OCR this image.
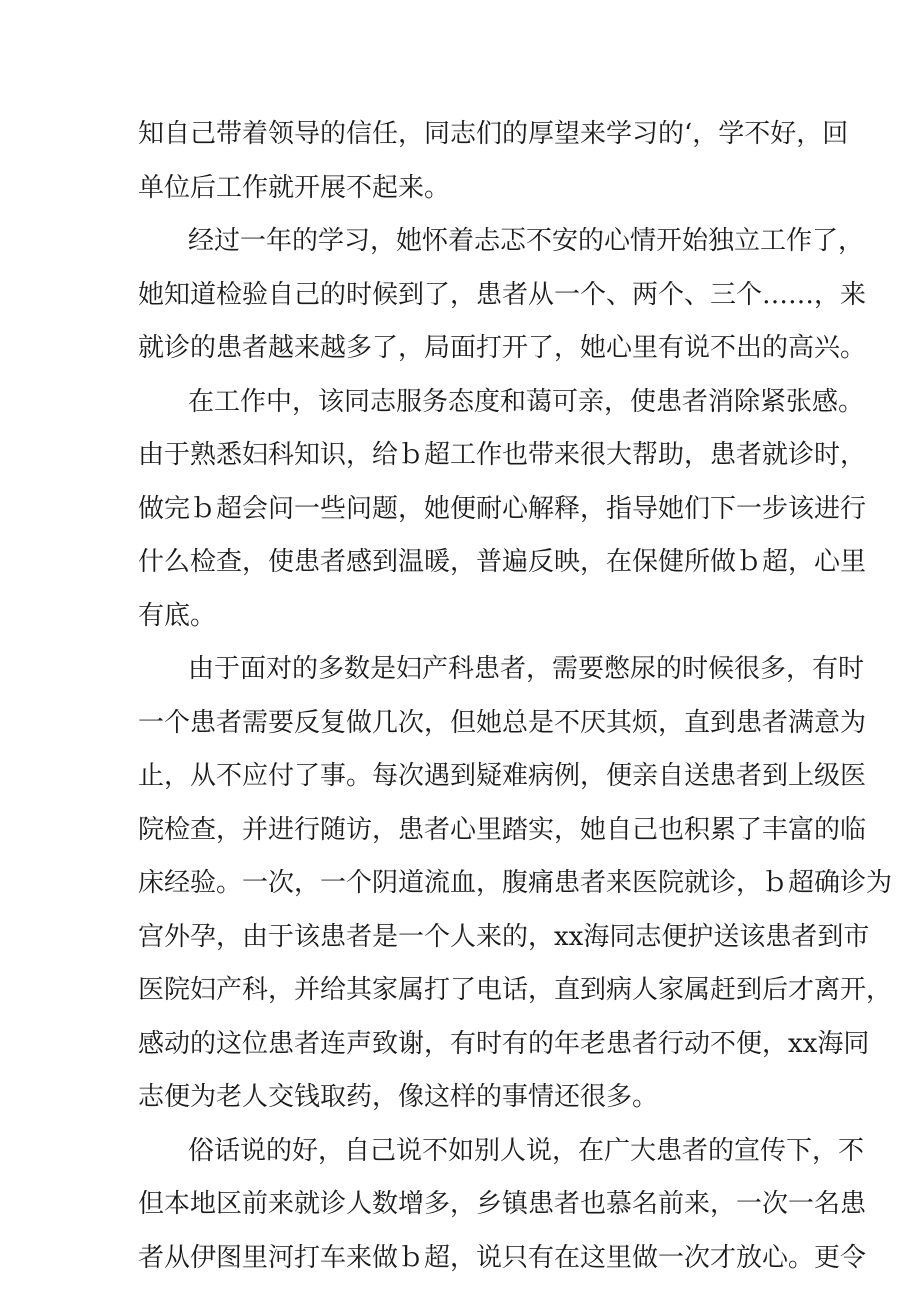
知自己带着领导的信任，同志们的厚望来学习的‘，学不好，回
单位后工作就开展不起来。
经过一年的学习，她怀着忐忑不安的心情开始独立工作了，
她知道检验自己的时候到了，患者从一个、两个、三个……，来
就诊的患者越来越多了，局面打开了，她心里有说不出的高兴。
在工作中，该同志服务态度和蔼可亲，使患者消除紧张感。
由于熟悉妇科知识，给ｂ超工作也带来很大帮助，患者就诊时，
做完ｂ超会问一些问题，她便耐心解释，指导她们下一步该进行
什么检查，使患者感到温暖，普遍反映，在保健所做ｂ超，心里
有底。
由于面对的多数是妇产科患者，需要憋尿的时候很多，有时
一个患者需要反复做几次，但她总是不厌其烦，直到患者满意为
止，从不应付了事。每次遇到疑难病例，便亲自送患者到上级医
院检查，并进行随访，患者心里踏实，她自己也积累了丰富的临
床经验。一次，一个阴道流血，腹痛患者来医院就诊，ｂ超确诊为
宫外孕，由于该患者是一个人来的，xx海同志便护送该患者到市
医院妇产科，并给其家属打了电话，直到病人家属赶到后才离开，
感动的这位患者连声致谢，有时有的年老患者行动不便，xx海同
志便为老人交钱取药，像这样的事情还很多。
俗话说的好，自己说不如别人说，在广大患者的宣传下，不
但本地区前来就诊人数增多，乡镇患者也慕名前来，一次一名患
者从伊图里河打车来做ｂ超，说只有在这里做一次才放心。更令
